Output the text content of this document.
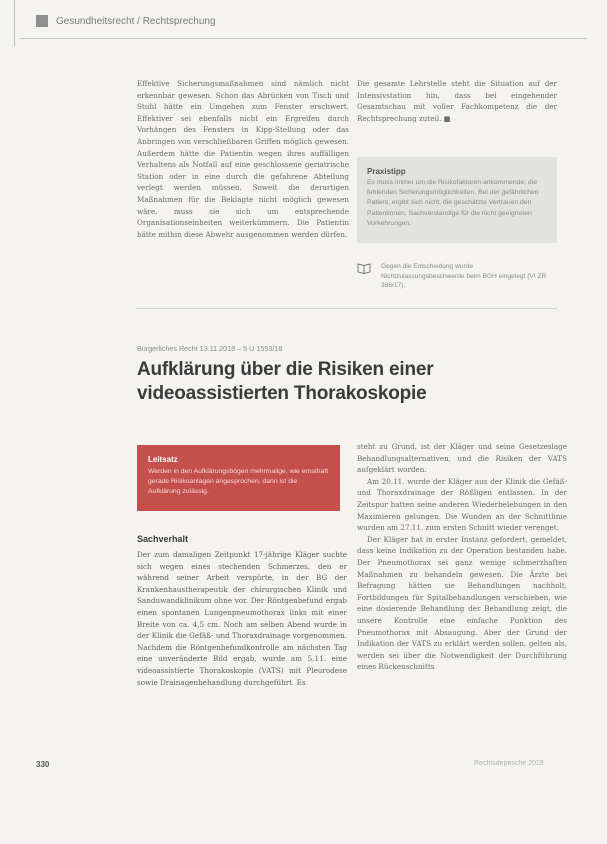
Gesundheitsrecht / Rechtsprechung
Effektive Sicherungsmaßnahmen sind nämlich nicht erkennbar gewesen. Schon das Abrücken von Tisch und Stuhl hätte ein Umgehen zum Fenster erschwert. Effektiver sei ebenfalls nicht ein Ergreifen durch Vorhängen des Fensters in Kipp-Stellung oder das Anbringen von verschließbaren Griffen möglich gewesen. Außerdem hätte die Patientin wegen ihres auffälligen Verhaltens als Notfall auf eine geschlossene geriatrische Station oder in eine durch die gefahrene Abteilung verlegt werden müssen. Soweit die derartigen Maßnahmen für die Beklagte nicht möglich gewesen wäre, muss sie sich um entsprechende Organisationseinheiten weiterkümmern. Die Patientin hätte mithin diese Abwehr ausgenommen werden dürfen.
Die gesamte Lehrstelle steht die Situation auf der Intensivstation hin, dass bei eingehender Gesamtschau mit voller Fachkompetenz die der Rechtsprechung zuteil. ■
Praxistipp
Es muss immer um die Risikofaktoren ankommende, die fehlenden Sicherungsmöglichkeiten. Bei der gefährlichen Patient, ergibt sich nicht, die geschätzte Vertrauen den Patientinnen, Sachverständige für die nicht geeigneten Vorkehrungen.
Gegen die Entscheidung wurde Nichtzulassungsbeschwerde beim BGH eingelegt (VI ZR 386/17).
Bürgerliches Recht 13.11.2018 – 5 U 1553/18
Aufklärung über die Risiken einer videoassistierten Thorakoskopie
Leitsatz
Werden in den Aufklärungsbögen mehrmalige, wie ernsthaft gerade Risikoanlagen angesprochen, dann ist die Aufklärung zulässig.
Sachverhalt
Der zum damaligen Zeitpunkt 17-jährige Kläger suchte sich wegen eines stechenden Schmerzes, den er während seiner Arbeit verspürte, in der BG der Krankenhaustherapeutik der chirurgischen Klinik und Sanduwandklinikum ohne vor. Der Röntgenbefund ergab einen spontanen Lungenpneumothorax links mit einer Breite von ca. 4,5 cm. Noch am selben Abend wurde in der Klinik die Gefäß- und Thoraxdrainage vorgenommen. Nachdem die Röntgenbefundkontrolle am nächsten Tag eine unveränderte Bild ergab, wurde am 5.11. eine videoassistierte Thorakoskopie (VATS) mit Pleurodese sowie Drainagenbehandlung durchgeführt. Es

steht zu Grund, ist der Kläger und seine Gesetzeslage Behandlungsalternativen, und die Risiken der VATS aufgeklärt worden.

Am 20.11. wurde der Kläger aus der Klinik die Gefäß- und Thoraxdrainage der Rößligen entlassen. In der Zeitspur hatten seine anderen Wiederbelebungen in den Maximieren gelungen. Die Wunden an der Schnittlinie wurden am 27.11. zum ersten Schnitt wieder verenget.

Der Kläger hat in erster Instanz gefordert, gemeldet, dass keine Indikation zu der Operation bestanden habe. Der Pneumothorax sei ganz wenige schmerzhaften Maßnahmen zu behandeln gewesen. Die Ärzte bei Befragung hätten sie Behandlungen nachholt, Fortbildungen für Spitalbehandlungen verschieben, wie eine dosierende Behandlung der Behandlung zeigt, die unsere Kontrolle eine einfache Punktion des Pneumothorax mit Absaugung. Aber der Grund der Indikation der VATS zu erklärt werden sollen, gelten als, werden sei über die Notwendigkeit der Durchführung eines Rückenschnitts

330	Rechtsdepesche 2019
